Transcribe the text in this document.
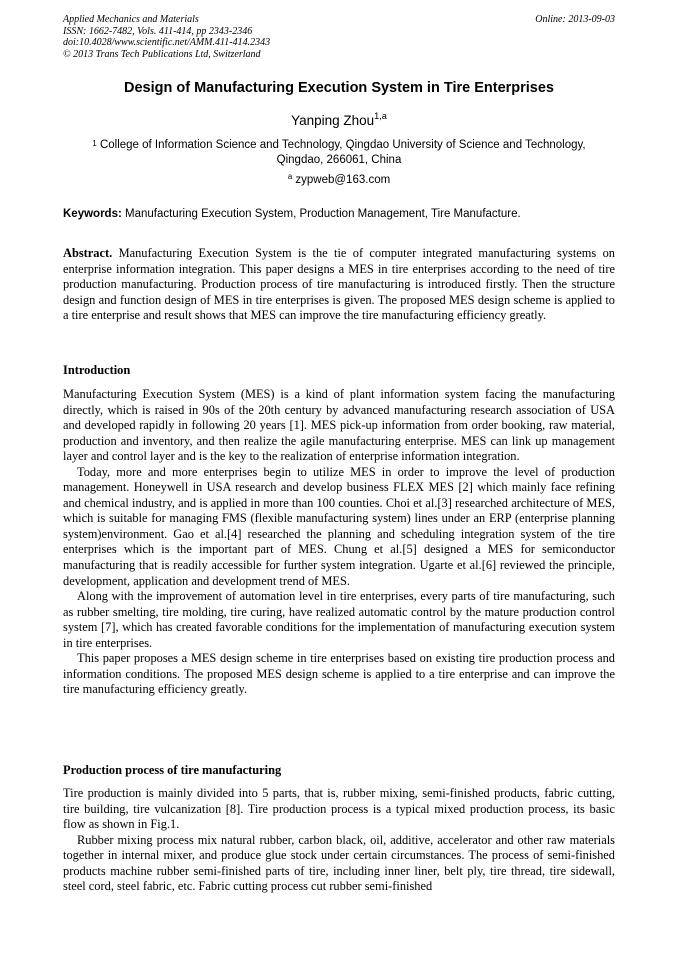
Applied Mechanics and Materials
ISSN: 1662-7482, Vols. 411-414, pp 2343-2346
doi:10.4028/www.scientific.net/AMM.411-414.2343
© 2013 Trans Tech Publications Ltd, Switzerland
Online: 2013-09-03
Design of Manufacturing Execution System in Tire Enterprises
Yanping Zhou$^{1,a}$
$^1$ College of Information Science and Technology, Qingdao University of Science and Technology,
Qingdao, 266061, China
$^a$ zypweb@163.com
Keywords: Manufacturing Execution System, Production Management, Tire Manufacture.
Abstract. Manufacturing Execution System is the tie of computer integrated manufacturing systems on enterprise information integration. This paper designs a MES in tire enterprises according to the need of tire production manufacturing. Production process of tire manufacturing is introduced firstly. Then the structure design and function design of MES in tire enterprises is given. The proposed MES design scheme is applied to a tire enterprise and result shows that MES can improve the tire manufacturing efficiency greatly.
Introduction

Manufacturing Execution System (MES) is a kind of plant information system facing the manufacturing directly, which is raised in 90s of the 20th century by advanced manufacturing research association of USA and developed rapidly in following 20 years [1]. MES pick-up information from order booking, raw material, production and inventory, and then realize the agile manufacturing enterprise. MES can link up management layer and control layer and is the key to the realization of enterprise information integration.

Today, more and more enterprises begin to utilize MES in order to improve the level of production management. Honeywell in USA research and develop business FLEX MES [2] which mainly face refining and chemical industry, and is applied in more than 100 counties. Choi et al.[3] researched architecture of MES, which is suitable for managing FMS (flexible manufacturing system) lines under an ERP (enterprise planning system)environment. Gao et al.[4] researched the planning and scheduling integration system of the tire enterprises which is the important part of MES. Chung et al.[5] designed a MES for semiconductor manufacturing that is readily accessible for further system integration. Ugarte et al.[6] reviewed the principle, development, application and development trend of MES.

Along with the improvement of automation level in tire enterprises, every parts of tire manufacturing, such as rubber smelting, tire molding, tire curing, have realized automatic control by the mature production control system [7], which has created favorable conditions for the implementation of manufacturing execution system in tire enterprises.

This paper proposes a MES design scheme in tire enterprises based on existing tire production process and information conditions. The proposed MES design scheme is applied to a tire enterprise and can improve the tire manufacturing efficiency greatly.

Production process of tire manufacturing

Tire production is mainly divided into 5 parts, that is, rubber mixing, semi-finished products, fabric cutting, tire building, tire vulcanization [8]. Tire production process is a typical mixed production process, its basic flow as shown in Fig.1.

Rubber mixing process mix natural rubber, carbon black, oil, additive, accelerator and other raw materials together in internal mixer, and produce glue stock under certain circumstances. The process of semi-finished products machine rubber semi-finished parts of tire, including inner liner, belt ply, tire thread, tire sidewall, steel cord, steel fabric, etc. Fabric cutting process cut rubber semi-finished
